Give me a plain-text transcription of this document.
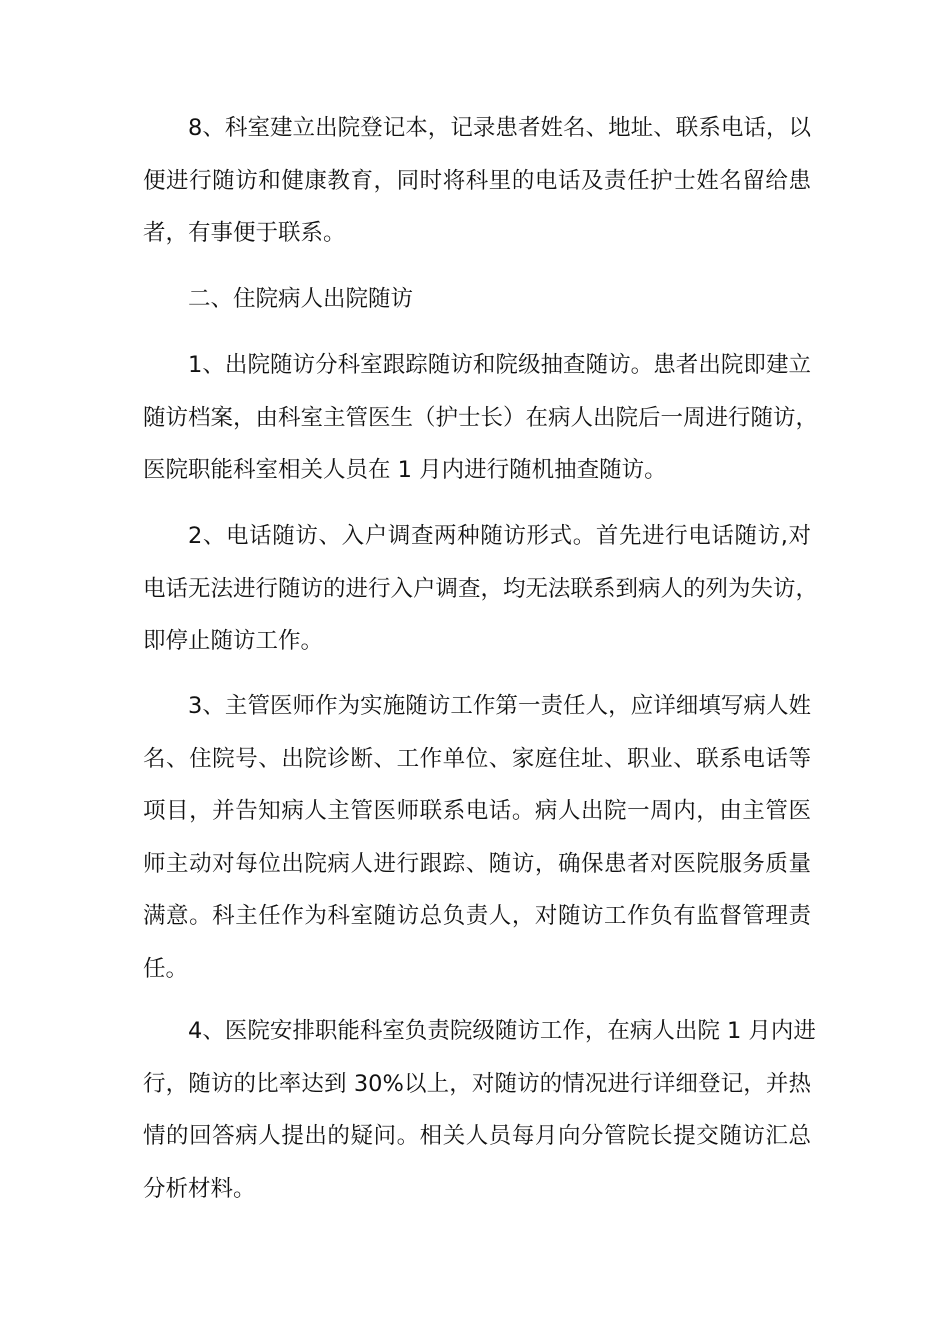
8、科室建立出院登记本，记录患者姓名、地址、联系电话，以
便进行随访和健康教育，同时将科里的电话及责任护士姓名留给患
者，有事便于联系。
二、住院病人出院随访
1、出院随访分科室跟踪随访和院级抽查随访。患者出院即建立
随访档案，由科室主管医生（护士长）在病人出院后一周进行随访，
医院职能科室相关人员在 1 月内进行随机抽查随访。
2、电话随访、入户调查两种随访形式。首先进行电话随访,对
电话无法进行随访的进行入户调查，均无法联系到病人的列为失访，
即停止随访工作。
3、主管医师作为实施随访工作第一责任人，应详细填写病人姓
名、住院号、出院诊断、工作单位、家庭住址、职业、联系电话等
项目，并告知病人主管医师联系电话。病人出院一周内，由主管医
师主动对每位出院病人进行跟踪、随访，确保患者对医院服务质量
满意。科主任作为科室随访总负责人，对随访工作负有监督管理责
任。
4、医院安排职能科室负责院级随访工作，在病人出院 1 月内进
行，随访的比率达到 30%以上，对随访的情况进行详细登记，并热
情的回答病人提出的疑问。相关人员每月向分管院长提交随访汇总
分析材料。
